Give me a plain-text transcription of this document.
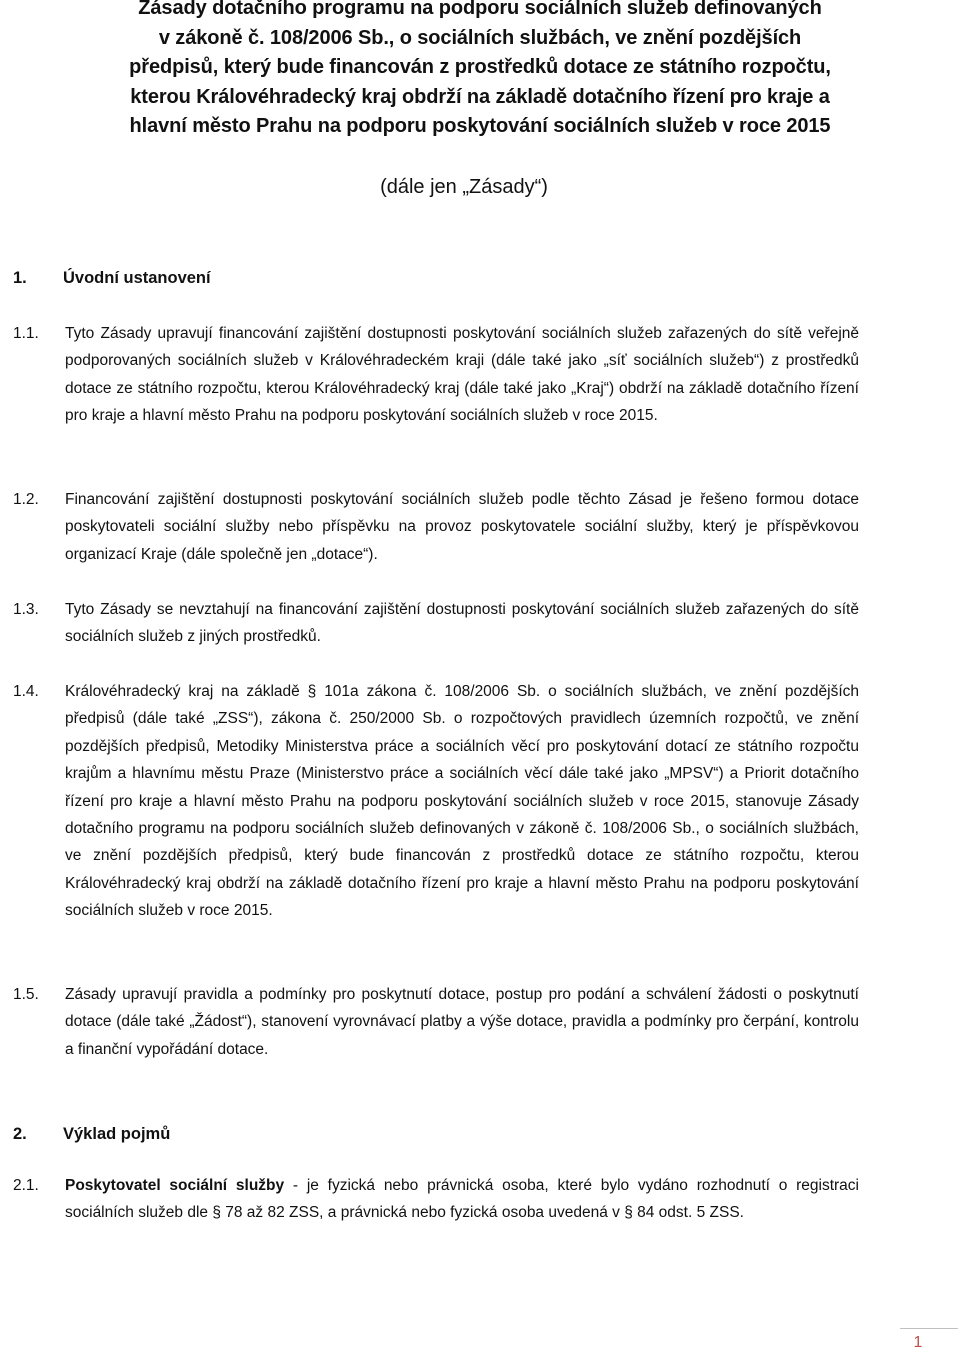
Zásady dotačního programu na podporu sociálních služeb definovaných
v zákoně č. 108/2006 Sb., o sociálních službách, ve znění pozdějších
předpisů, který bude financován z prostředků dotace ze státního rozpočtu,
kterou Královéhradecký kraj obdrží na základě dotačního řízení pro kraje a
hlavní město Prahu na podporu poskytování sociálních služeb v roce 2015
(dále jen „Zásady“)
1. Úvodní ustanovení
1.1. Tyto Zásady upravují financování zajištění dostupnosti poskytování sociálních služeb zařazených do sítě veřejně podporovaných sociálních služeb v Královéhradeckém kraji (dále také jako „síť sociálních služeb“) z prostředků dotace ze státního rozpočtu, kterou Královéhradecký kraj (dále také jako „Kraj“) obdrží na základě dotačního řízení pro kraje a hlavní město Prahu na podporu poskytování sociálních služeb v roce 2015.
1.2. Financování zajištění dostupnosti poskytování sociálních služeb podle těchto Zásad je řešeno formou dotace poskytovateli sociální služby nebo příspěvku na provoz poskytovatele sociální služby, který je příspěvkovou organizací Kraje (dále společně jen „dotace“).
1.3. Tyto Zásady se nevztahují na financování zajištění dostupnosti poskytování sociálních služeb zařazených do sítě sociálních služeb z jiných prostředků.
1.4. Královéhradecký kraj na základě § 101a zákona č. 108/2006 Sb. o sociálních službách, ve znění pozdějších předpisů (dále také „ZSS“), zákona č. 250/2000 Sb. o rozpočtových pravidlech územních rozpočtů, ve znění pozdějších předpisů, Metodiky Ministerstva práce a sociálních věcí pro poskytování dotací ze státního rozpočtu krajům a hlavnímu městu Praze (Ministerstvo práce a sociálních věcí dále také jako „MPSV“) a Priorit dotačního řízení pro kraje a hlavní město Prahu na podporu poskytování sociálních služeb v roce 2015, stanovuje Zásady dotačního programu na podporu sociálních služeb definovaných v zákoně č. 108/2006 Sb., o sociálních službách, ve znění pozdějších předpisů, který bude financován z prostředků dotace ze státního rozpočtu, kterou Královéhradecký kraj obdrží na základě dotačního řízení pro kraje a hlavní město Prahu na podporu poskytování sociálních služeb v roce 2015.
1.5. Zásady upravují pravidla a podmínky pro poskytnutí dotace, postup pro podání a schválení žádosti o poskytnutí dotace (dále také „Žádost“), stanovení vyrovnávací platby a výše dotace, pravidla a podmínky pro čerpání, kontrolu a finanční vypořádání dotace.
2. Výklad pojmů
2.1. Poskytovatel sociální služby - je fyzická nebo právnická osoba, které bylo vydáno rozhodnutí o registraci sociálních služeb dle § 78 až 82 ZSS, a právnická nebo fyzická osoba uvedená v § 84 odst. 5 ZSS.
1
